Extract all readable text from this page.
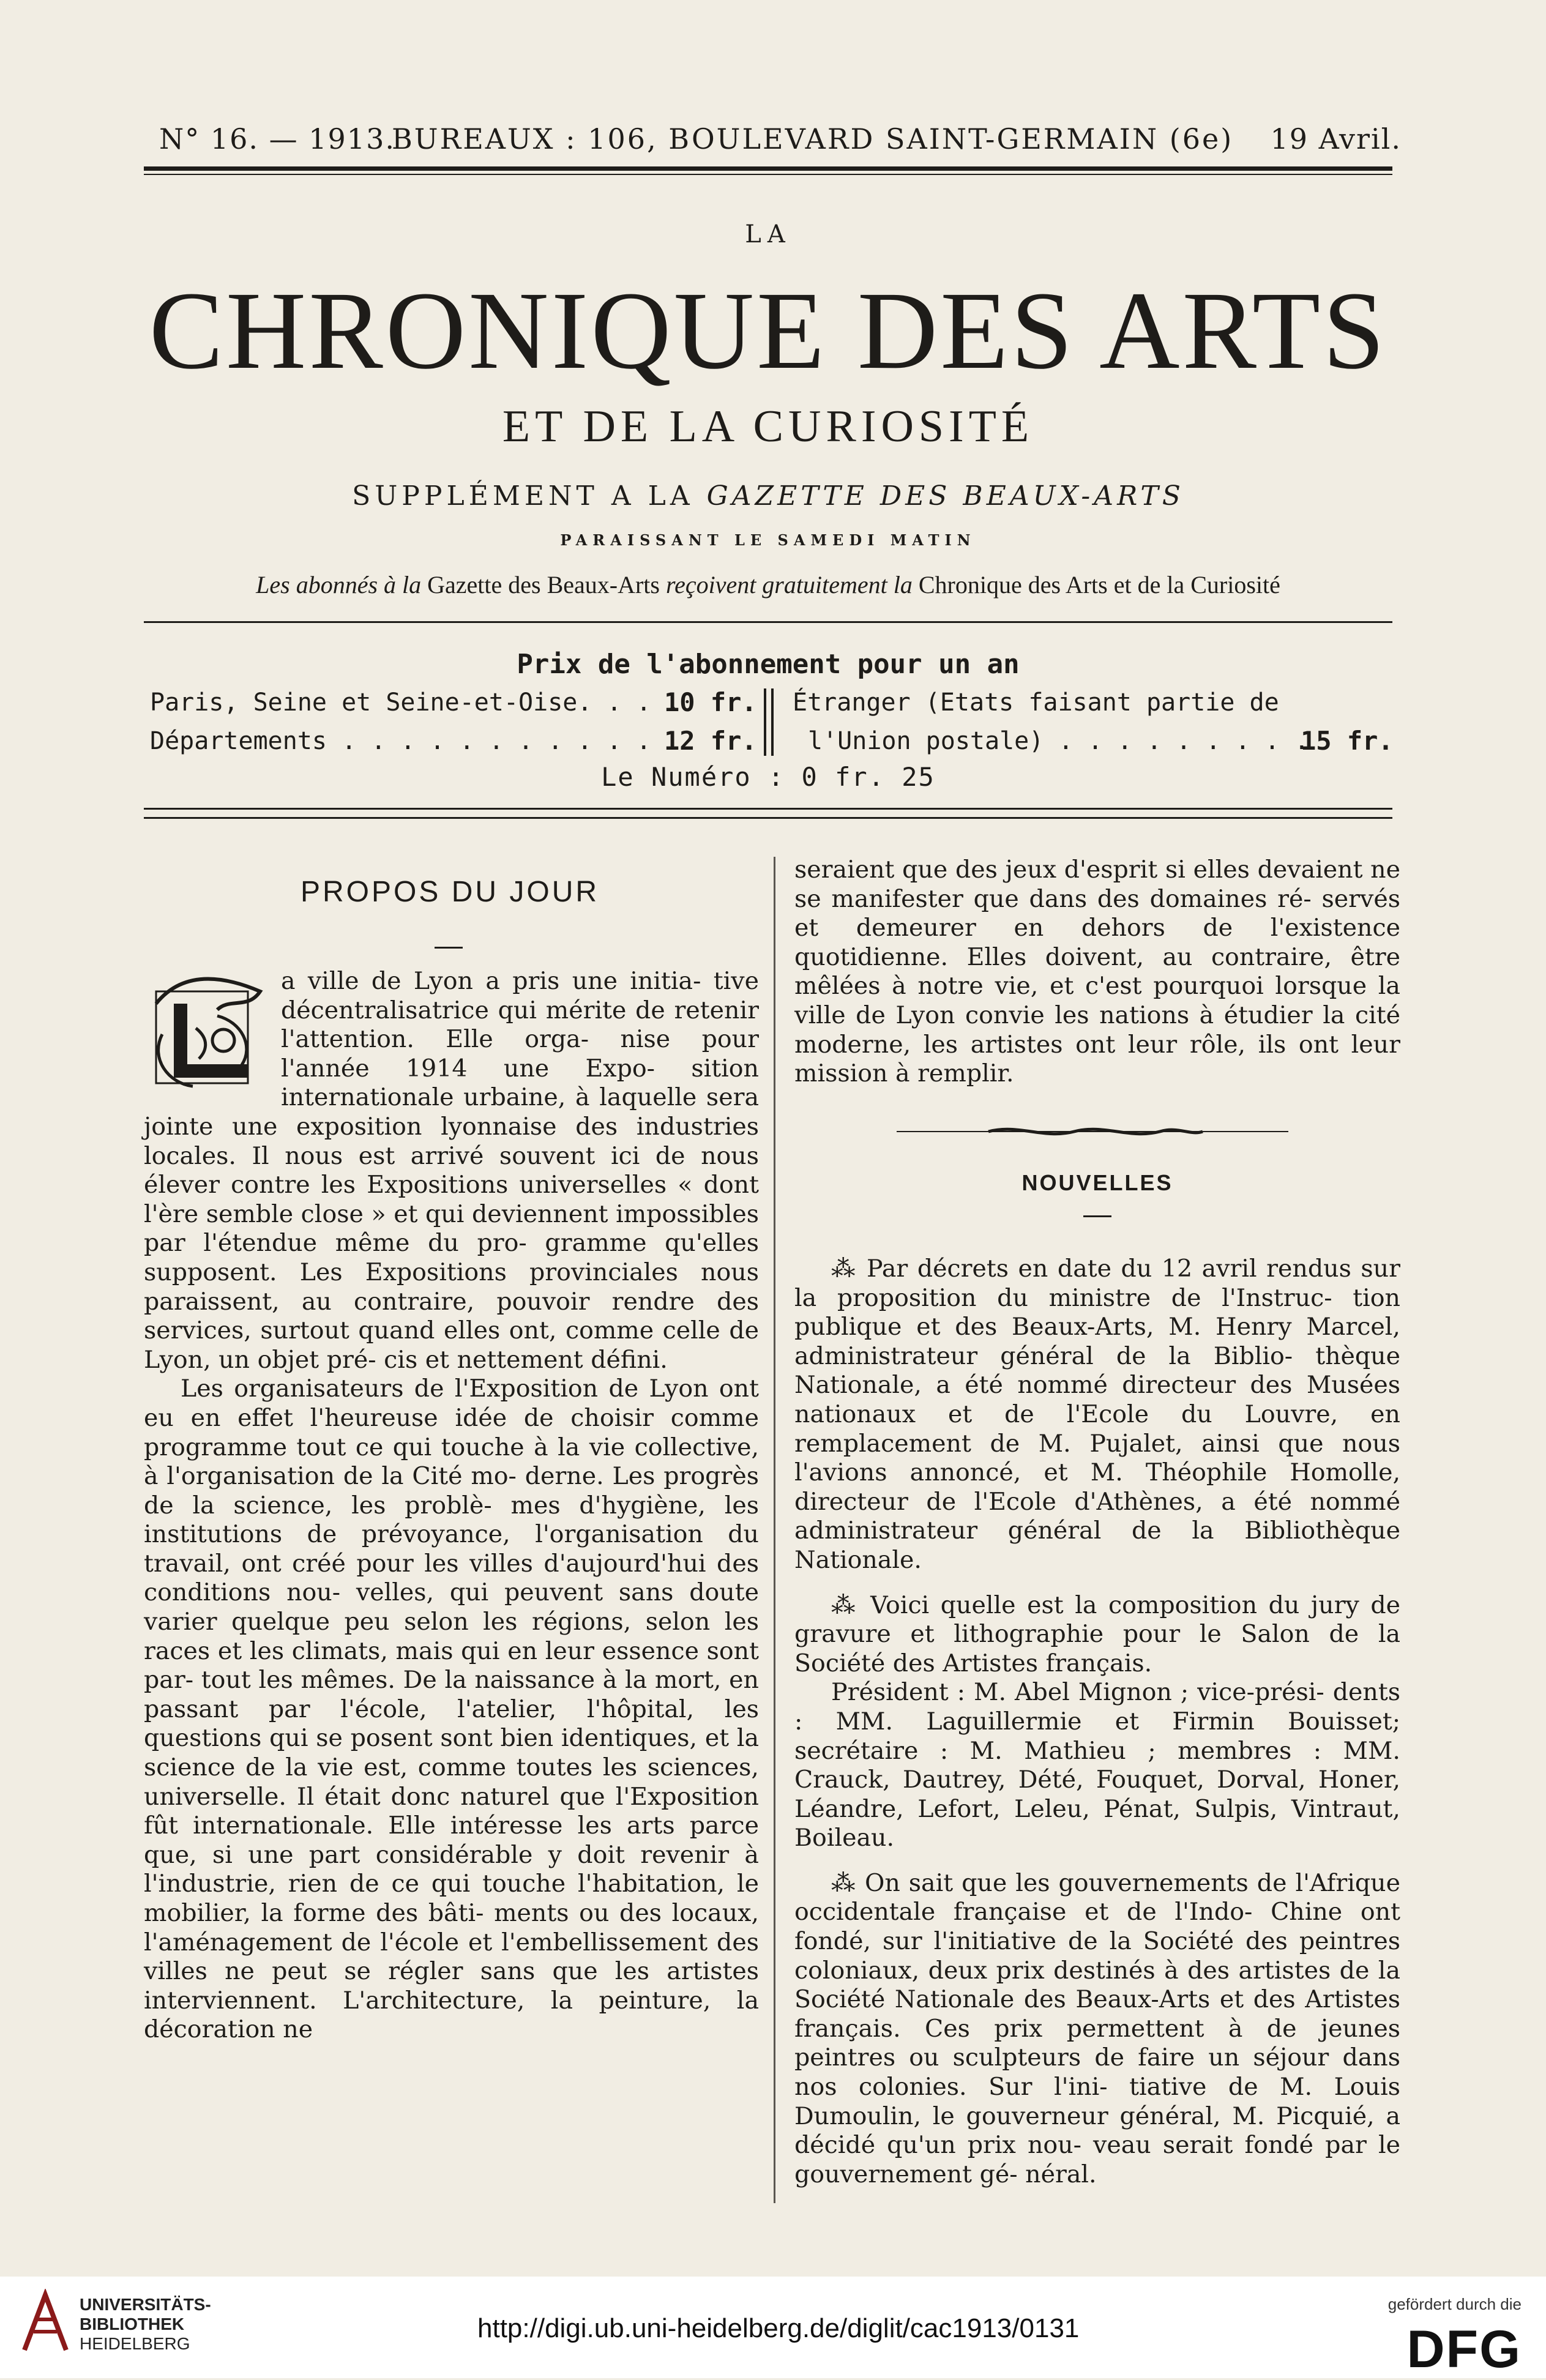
N° 16. — 1913.
BUREAUX : 106, BOULEVARD SAINT-GERMAIN (6e) 19 Avril.
LA
CHRONIQUE DES ARTS
ET DE LA CURIOSITÉ
SUPPLÉMENT A LA GAZETTE DES BEAUX-ARTS
PARAISSANT LE SAMEDI MATIN
Les abonnés à la Gazette des Beaux-Arts reçoivent gratuitement la Chronique des Arts et de la Curiosité
Prix de l'abonnement pour un an
Paris, Seine et Seine-et-Oise. . . .
10 fr.
Départements . . . . . . . . . . . 12 fr.
Étranger (Etats faisant partie de
l'Union postale) . . . . . . . . .
15 fr.
Le Numéro : 0 fr. 25
PROPOS DU JOUR

a ville de Lyon a pris une initia- tive décentralisatrice qui mérite de retenir l'attention. Elle orga- nise pour l'année 1914 une Expo- sition internationale urbaine, à laquelle sera jointe une exposition lyonnaise des industries locales. Il nous est arrivé souvent ici de nous élever contre les Expositions universelles « dont l'ère semble close » et qui deviennent impossibles par l'étendue même du pro- gramme qu'elles supposent. Les Expositions provinciales nous paraissent, au contraire, pouvoir rendre des services, surtout quand elles ont, comme celle de Lyon, un objet pré- cis et nettement défini.

Les organisateurs de l'Exposition de Lyon ont eu en effet l'heureuse idée de choisir comme programme tout ce qui touche à la vie collective, à l'organisation de la Cité mo- derne. Les progrès de la science, les problè- mes d'hygiène, les institutions de prévoyance, l'organisation du travail, ont créé pour les villes d'aujourd'hui des conditions nou- velles, qui peuvent sans doute varier quelque peu selon les régions, selon les races et les climats, mais qui en leur essence sont par- tout les mêmes. De la naissance à la mort, en passant par l'école, l'atelier, l'hôpital, les questions qui se posent sont bien identiques, et la science de la vie est, comme toutes les sciences, universelle. Il était donc naturel que l'Exposition fût internationale. Elle intéresse les arts parce que, si une part considérable y doit revenir à l'industrie, rien de ce qui touche l'habitation, le mobilier, la forme des bâti- ments ou des locaux, l'aménagement de l'école et l'embellissement des villes ne peut se régler sans que les artistes interviennent. L'architecture, la peinture, la décoration ne

seraient que des jeux d'esprit si elles devaient ne se manifester que dans des domaines ré- servés et demeurer en dehors de l'existence quotidienne. Elles doivent, au contraire, être mêlées à notre vie, et c'est pourquoi lorsque la ville de Lyon convie les nations à étudier la cité moderne, les artistes ont leur rôle, ils ont leur mission à remplir.

NOUVELLES

⁂ Par décrets en date du 12 avril rendus sur la proposition du ministre de l'Instruc- tion publique et des Beaux-Arts, M. Henry Marcel, administrateur général de la Biblio- thèque Nationale, a été nommé directeur des Musées nationaux et de l'Ecole du Louvre, en remplacement de M. Pujalet, ainsi que nous l'avions annoncé, et M. Théophile Homolle, directeur de l'Ecole d'Athènes, a été nommé administrateur général de la Bibliothèque Nationale.

⁂ Voici quelle est la composition du jury de gravure et lithographie pour le Salon de la Société des Artistes français.

Président : M. Abel Mignon ; vice-prési- dents : MM. Laguillermie et Firmin Bouisset; secrétaire : M. Mathieu ; membres : MM. Crauck, Dautrey, Dété, Fouquet, Dorval, Honer, Léandre, Lefort, Leleu, Pénat, Sulpis, Vintraut, Boileau.

⁂ On sait que les gouvernements de l'Afrique occidentale française et de l'Indo- Chine ont fondé, sur l'initiative de la Société des peintres coloniaux, deux prix destinés à des artistes de la Société Nationale des Beaux-Arts et des Artistes français. Ces prix permettent à de jeunes peintres ou sculpteurs de faire un séjour dans nos colonies. Sur l'ini- tiative de M. Louis Dumoulin, le gouverneur général, M. Picquié, a décidé qu'un prix nou- veau serait fondé par le gouvernement gé- néral.

UNIVERSITÄTS-
BIBLIOTHEK
HEIDELBERG
http://digi.ub.uni-heidelberg.de/diglit/cac1913/0131
gefördert durch die
DFG
